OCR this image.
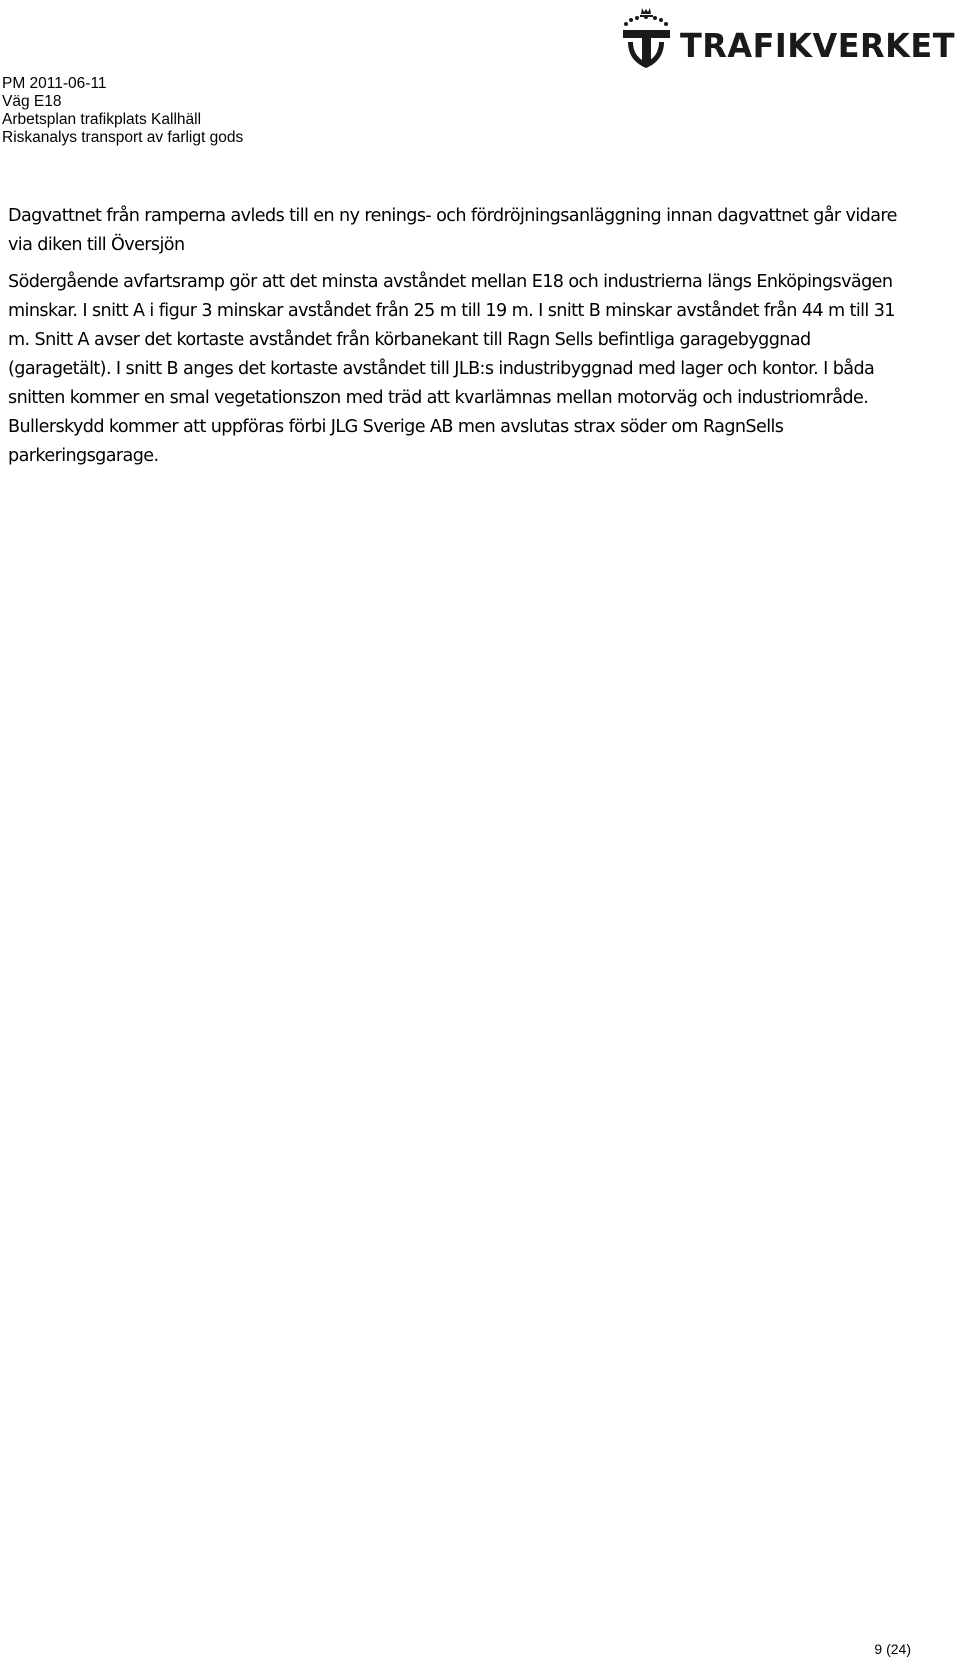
TRAFIKVERKET
PM 2011-06-11
Väg E18
Arbetsplan trafikplats Kallhäll
Riskanalys transport av farligt gods

Dagvattnet från ramperna avleds till en ny renings- och fördröjningsanläggning innan dagvattnet går vidare via diken till Översjön

Södergående avfartsramp gör att det minsta avståndet mellan E18 och industrierna längs Enköpingsvägen minskar. I snitt A i figur 3 minskar avståndet från 25 m till 19 m. I snitt B minskar avståndet från 44 m till 31 m. Snitt A avser det kortaste avståndet från körbanekant till Ragn Sells befintliga garagebyggnad (garagetält). I snitt B anges det kortaste avståndet till JLB:s industribyggnad med lager och kontor. I båda snitten kommer en smal vegetationszon med träd att kvarlämnas mellan motorväg och industriområde. Bullerskydd kommer att uppföras förbi JLG Sverige AB men avslutas strax söder om RagnSells parkeringsgarage.

9 (24)
